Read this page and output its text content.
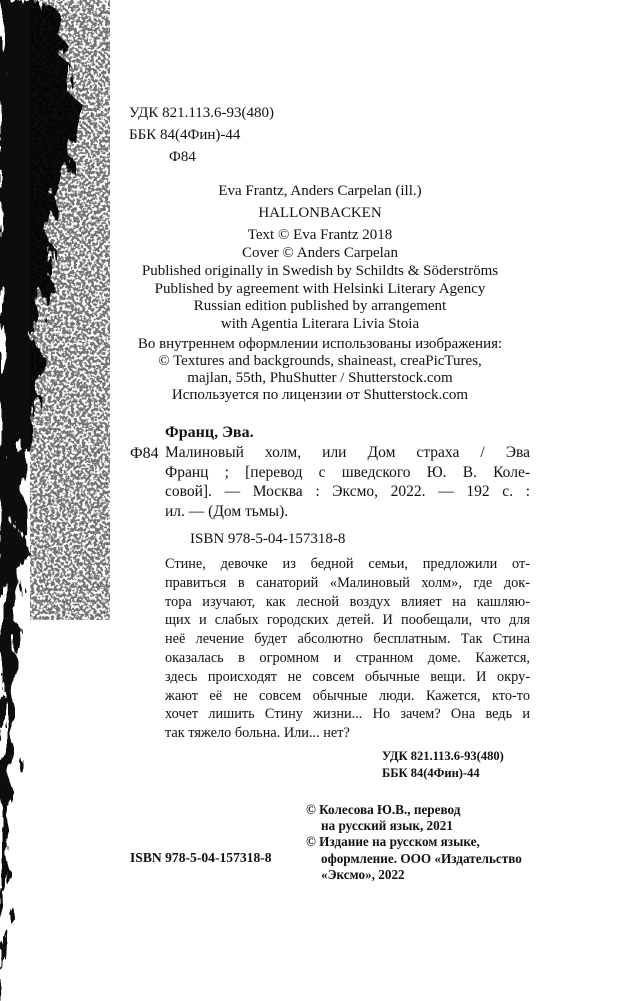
УДК 821.113.6-93(480)
ББК 84(4Фин)-44
Ф84
Eva Frantz, Anders Carpelan (ill.)
HALLONBACKEN
Text © Eva Frantz 2018
Cover © Anders Carpelan
Published originally in Swedish by Schildts & Söderströms
Published by agreement with Helsinki Literary Agency
Russian edition published by arrangement
with Agentia Literara Livia Stoia
Во внутреннем оформлении использованы изображения:
© Textures and backgrounds, shaineast, creaPicTures,
majlan, 55th, PhuShutter / Shutterstock.com
Используется по лицензии от Shutterstock.com
Франц, Эва.
Ф84 Малиновый холм, или Дом страха / Эва
Франц ; [перевод с шведского Ю. В. Коле-
совой]. — Москва : Эксмо, 2022. — 192 с. :
ил. — (Дом тьмы).
ISBN 978-5-04-157318-8
Стине, девочке из бедной семьи, предложили от-
правиться в санаторий «Малиновый холм», где док-
тора изучают, как лесной воздух влияет на кашляю-
щих и слабых городских детей. И пообещали, что для
неё лечение будет абсолютно бесплатным. Так Стина
оказалась в огромном и странном доме. Кажется,
здесь происходят не совсем обычные вещи. И окру-
жают её не совсем обычные люди. Кажется, кто-то
хочет лишить Стину жизни... Но зачем? Она ведь и
так тяжело больна. Или... нет?
УДК 821.113.6-93(480)
ББК 84(4Фин)-44
© Колесова Ю.В., перевод
на русский язык, 2021
© Издание на русском языке,
оформление. ООО «Издательство
«Эксмо», 2022
ISBN 978-5-04-157318-8
